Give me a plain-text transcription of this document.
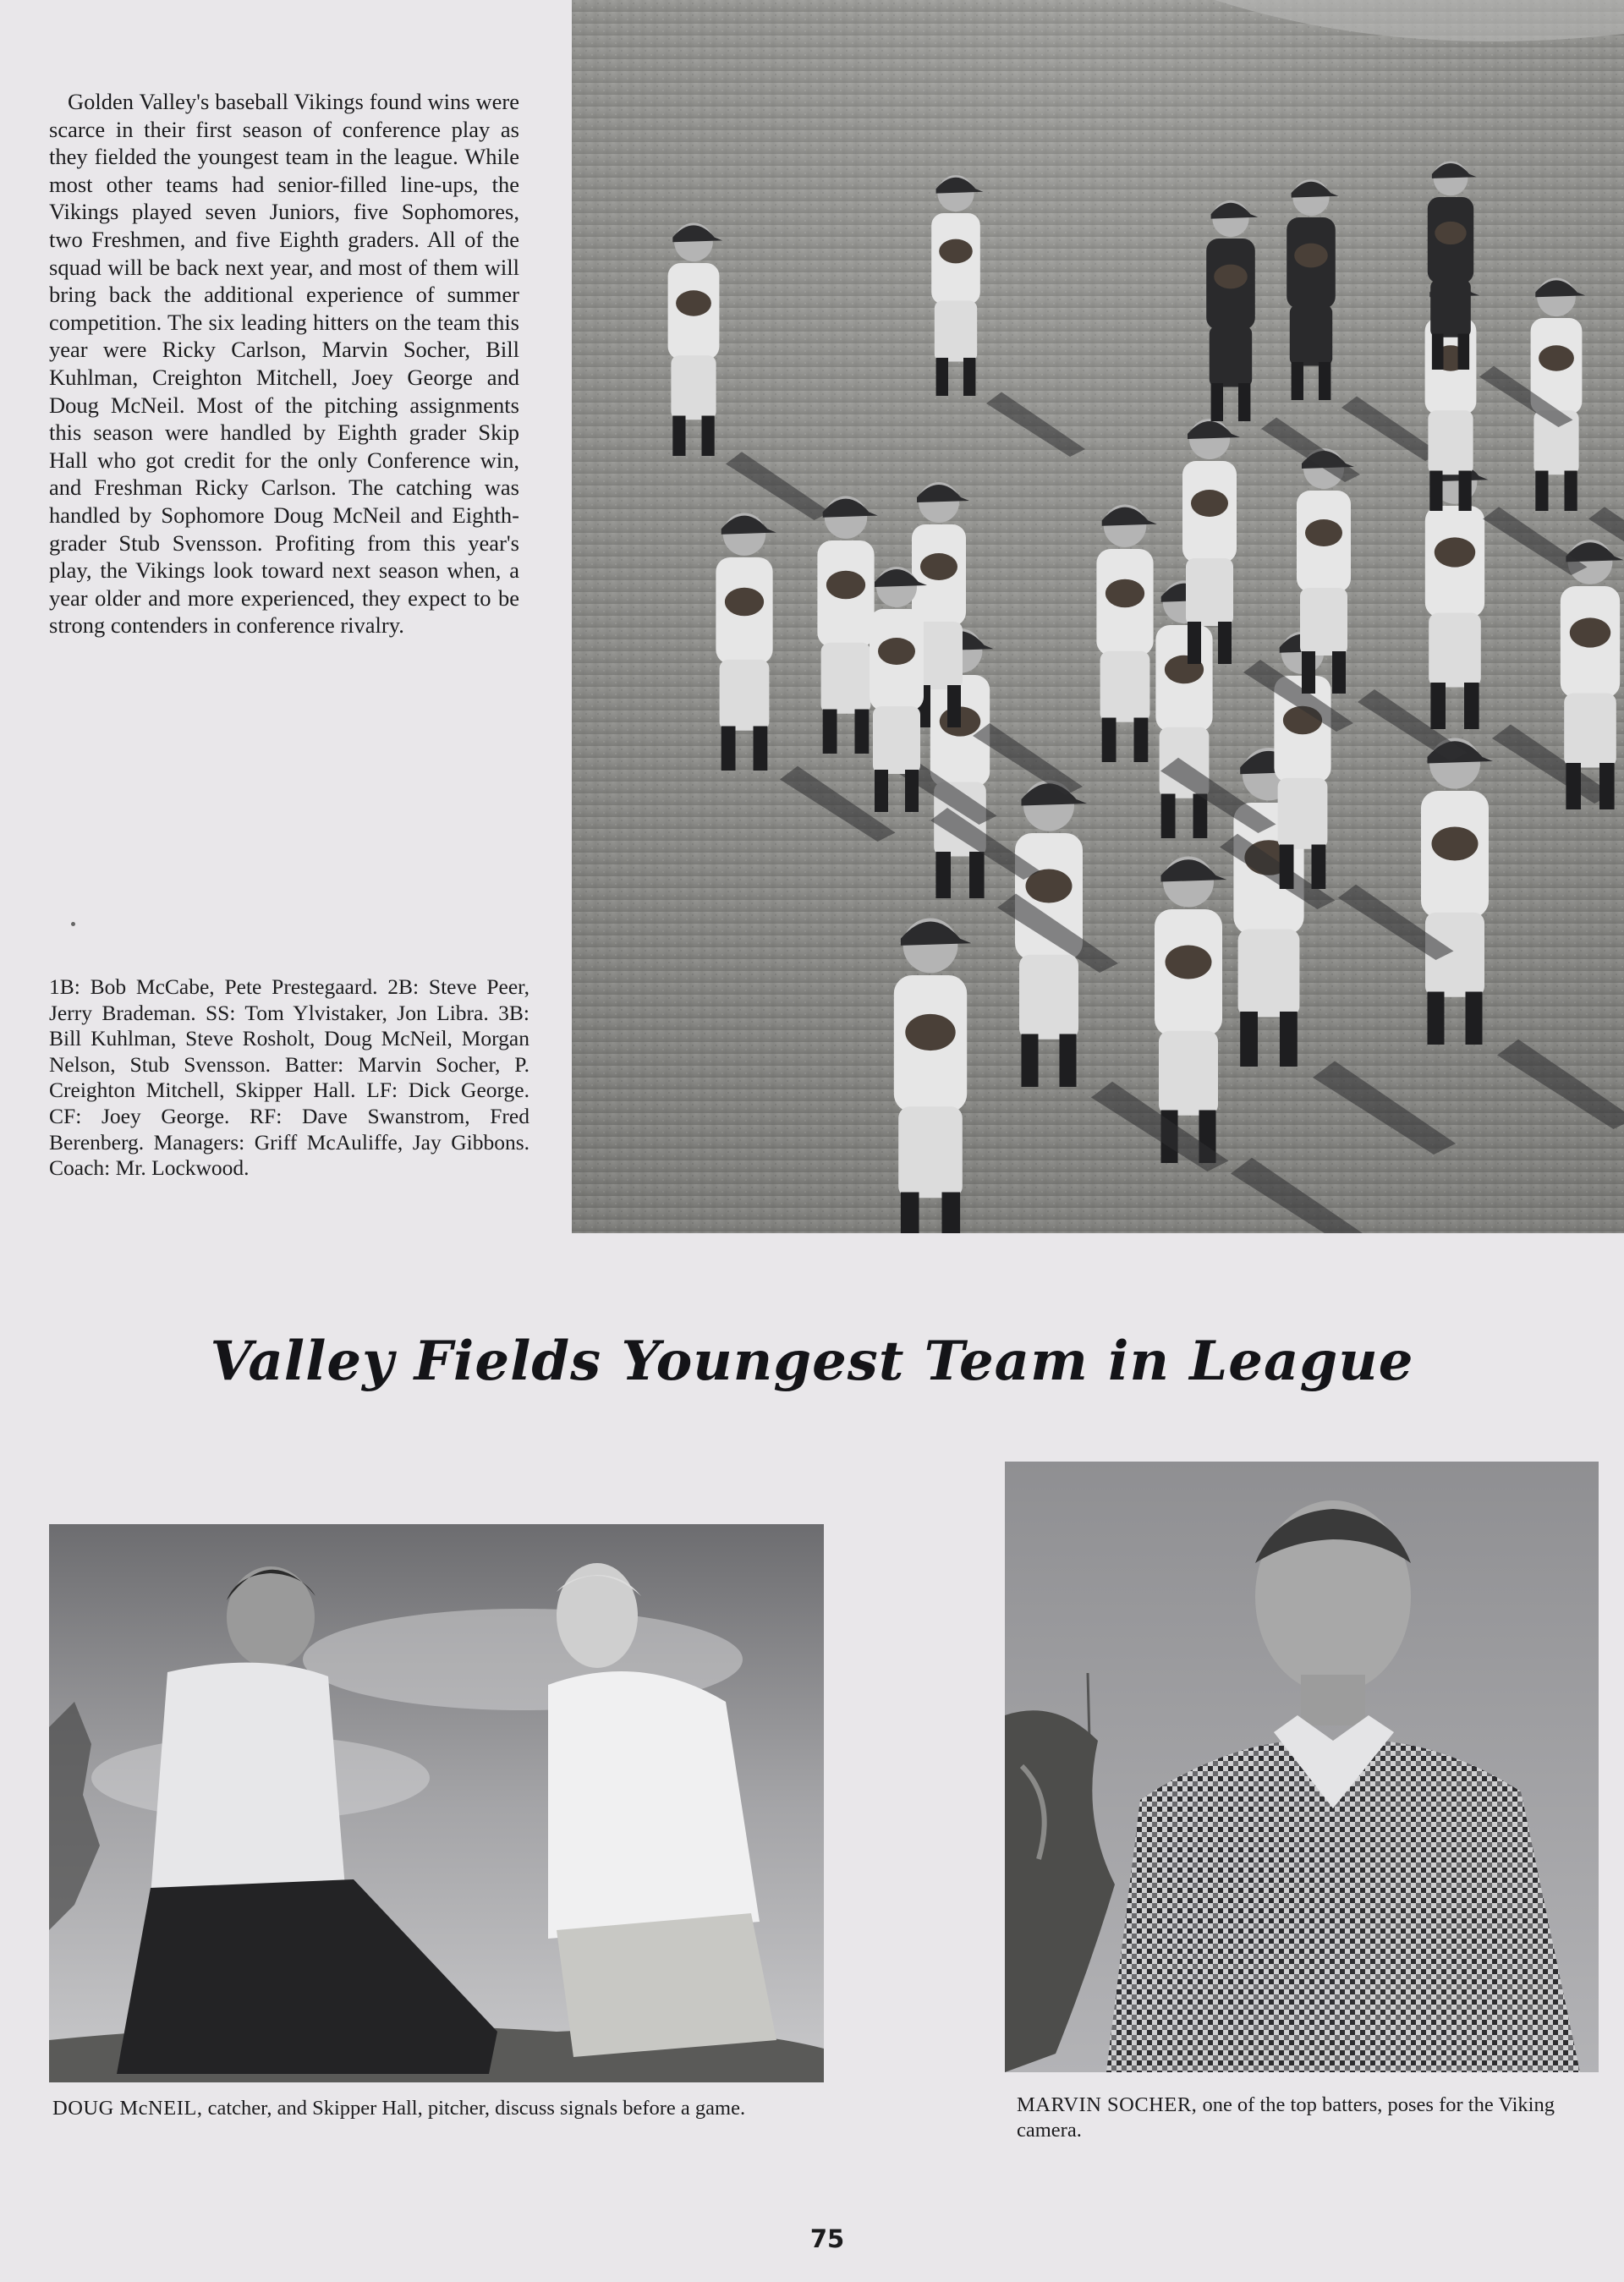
Golden Valley's baseball Vikings found wins were scarce in their first season of conference play as they fielded the youngest team in the league. While most other teams had senior-filled line-ups, the Vikings played seven Juniors, five Sophomores, two Freshmen, and five Eighth graders. All of the squad will be back next year, and most of them will bring back the additional experience of summer competition. The six leading hitters on the team this year were Ricky Carlson, Marvin Socher, Bill Kuhlman, Creighton Mitchell, Joey George and Doug McNeil. Most of the pitching assignments this season were handled by Eighth grader Skip Hall who got credit for the only Conference win, and Freshman Ricky Carlson. The catching was handled by Sophomore Doug McNeil and Eighth-grader Stub Svensson. Profiting from this year's play, the Vikings look toward next season when, a year older and more experienced, they expect to be strong contenders in conference rivalry.

1B: Bob McCabe, Pete Prestegaard. 2B: Steve Peer, Jerry Brademan. SS: Tom Ylvistaker, Jon Libra. 3B: Bill Kuhlman, Steve Rosholt, Doug McNeil, Morgan Nelson, Stub Svensson. Batter: Marvin Socher, P. Creighton Mitchell, Skipper Hall. LF: Dick George. CF: Joey George. RF: Dave Swanstrom, Fred Berenberg. Managers: Griff McAuliffe, Jay Gibbons. Coach: Mr. Lockwood.

Valley Fields Youngest Team in League
DOUG McNEIL, catcher, and Skipper Hall, pitcher, discuss signals before a game.	MARVIN SOCHER, one of the top batters, poses for the Viking camera.
75
